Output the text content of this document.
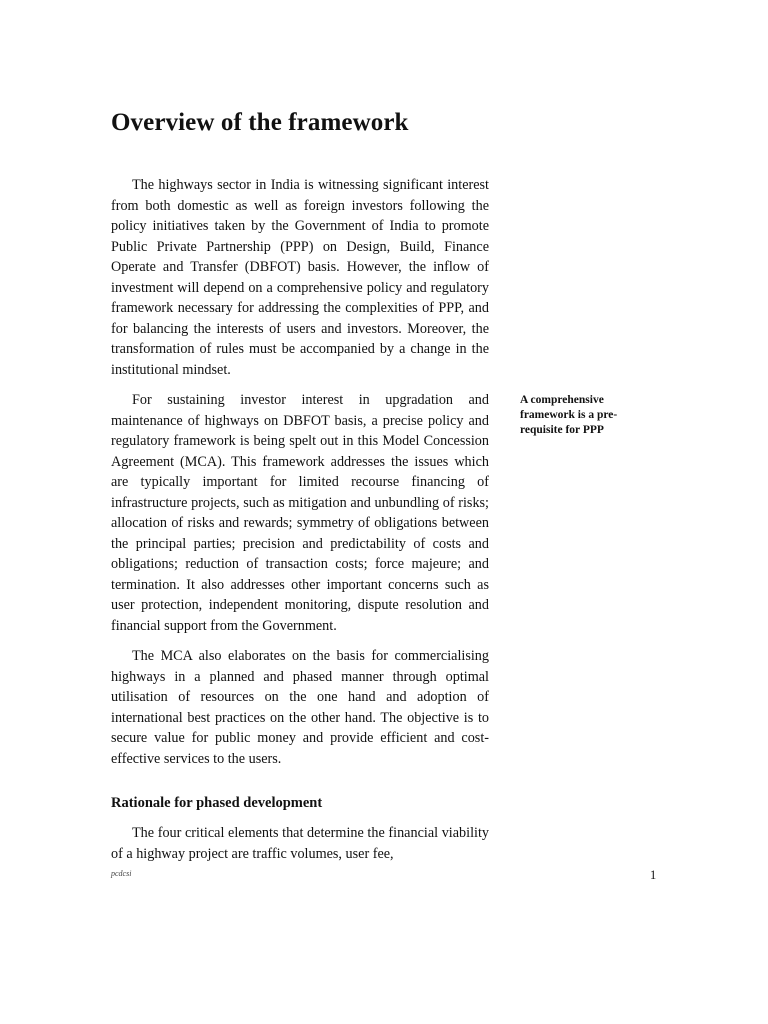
Overview of the framework

The highways sector in India is witnessing significant interest from both domestic as well as foreign investors following the policy initiatives taken by the Government of India to promote Public Private Partnership (PPP) on Design, Build, Finance Operate and Transfer (DBFOT) basis. However, the inflow of investment will depend on a comprehensive policy and regulatory framework necessary for addressing the complexities of PPP, and for balancing the interests of users and investors. Moreover, the transformation of rules must be accompanied by a change in the institutional mindset.

For sustaining investor interest in upgradation and maintenance of highways on DBFOT basis, a precise policy and regulatory framework is being spelt out in this Model Concession Agreement (MCA). This framework addresses the issues which are typically important for limited recourse financing of infrastructure projects, such as mitigation and unbundling of risks; allocation of risks and rewards; symmetry of obligations between the principal parties; precision and predictability of costs and obligations; reduction of transaction costs; force majeure; and termination. It also addresses other important concerns such as user protection, independent monitoring, dispute resolution and financial support from the Government.

The MCA also elaborates on the basis for commercialising highways in a planned and phased manner through optimal utilisation of resources on the one hand and adoption of international best practices on the other hand. The objective is to secure value for public money and provide efficient and cost-effective services to the users.

Rationale for phased development

The four critical elements that determine the financial viability of a highway project are traffic volumes, user fee,

A comprehensive framework is a pre-requisite for PPP
pcdcsi	1
